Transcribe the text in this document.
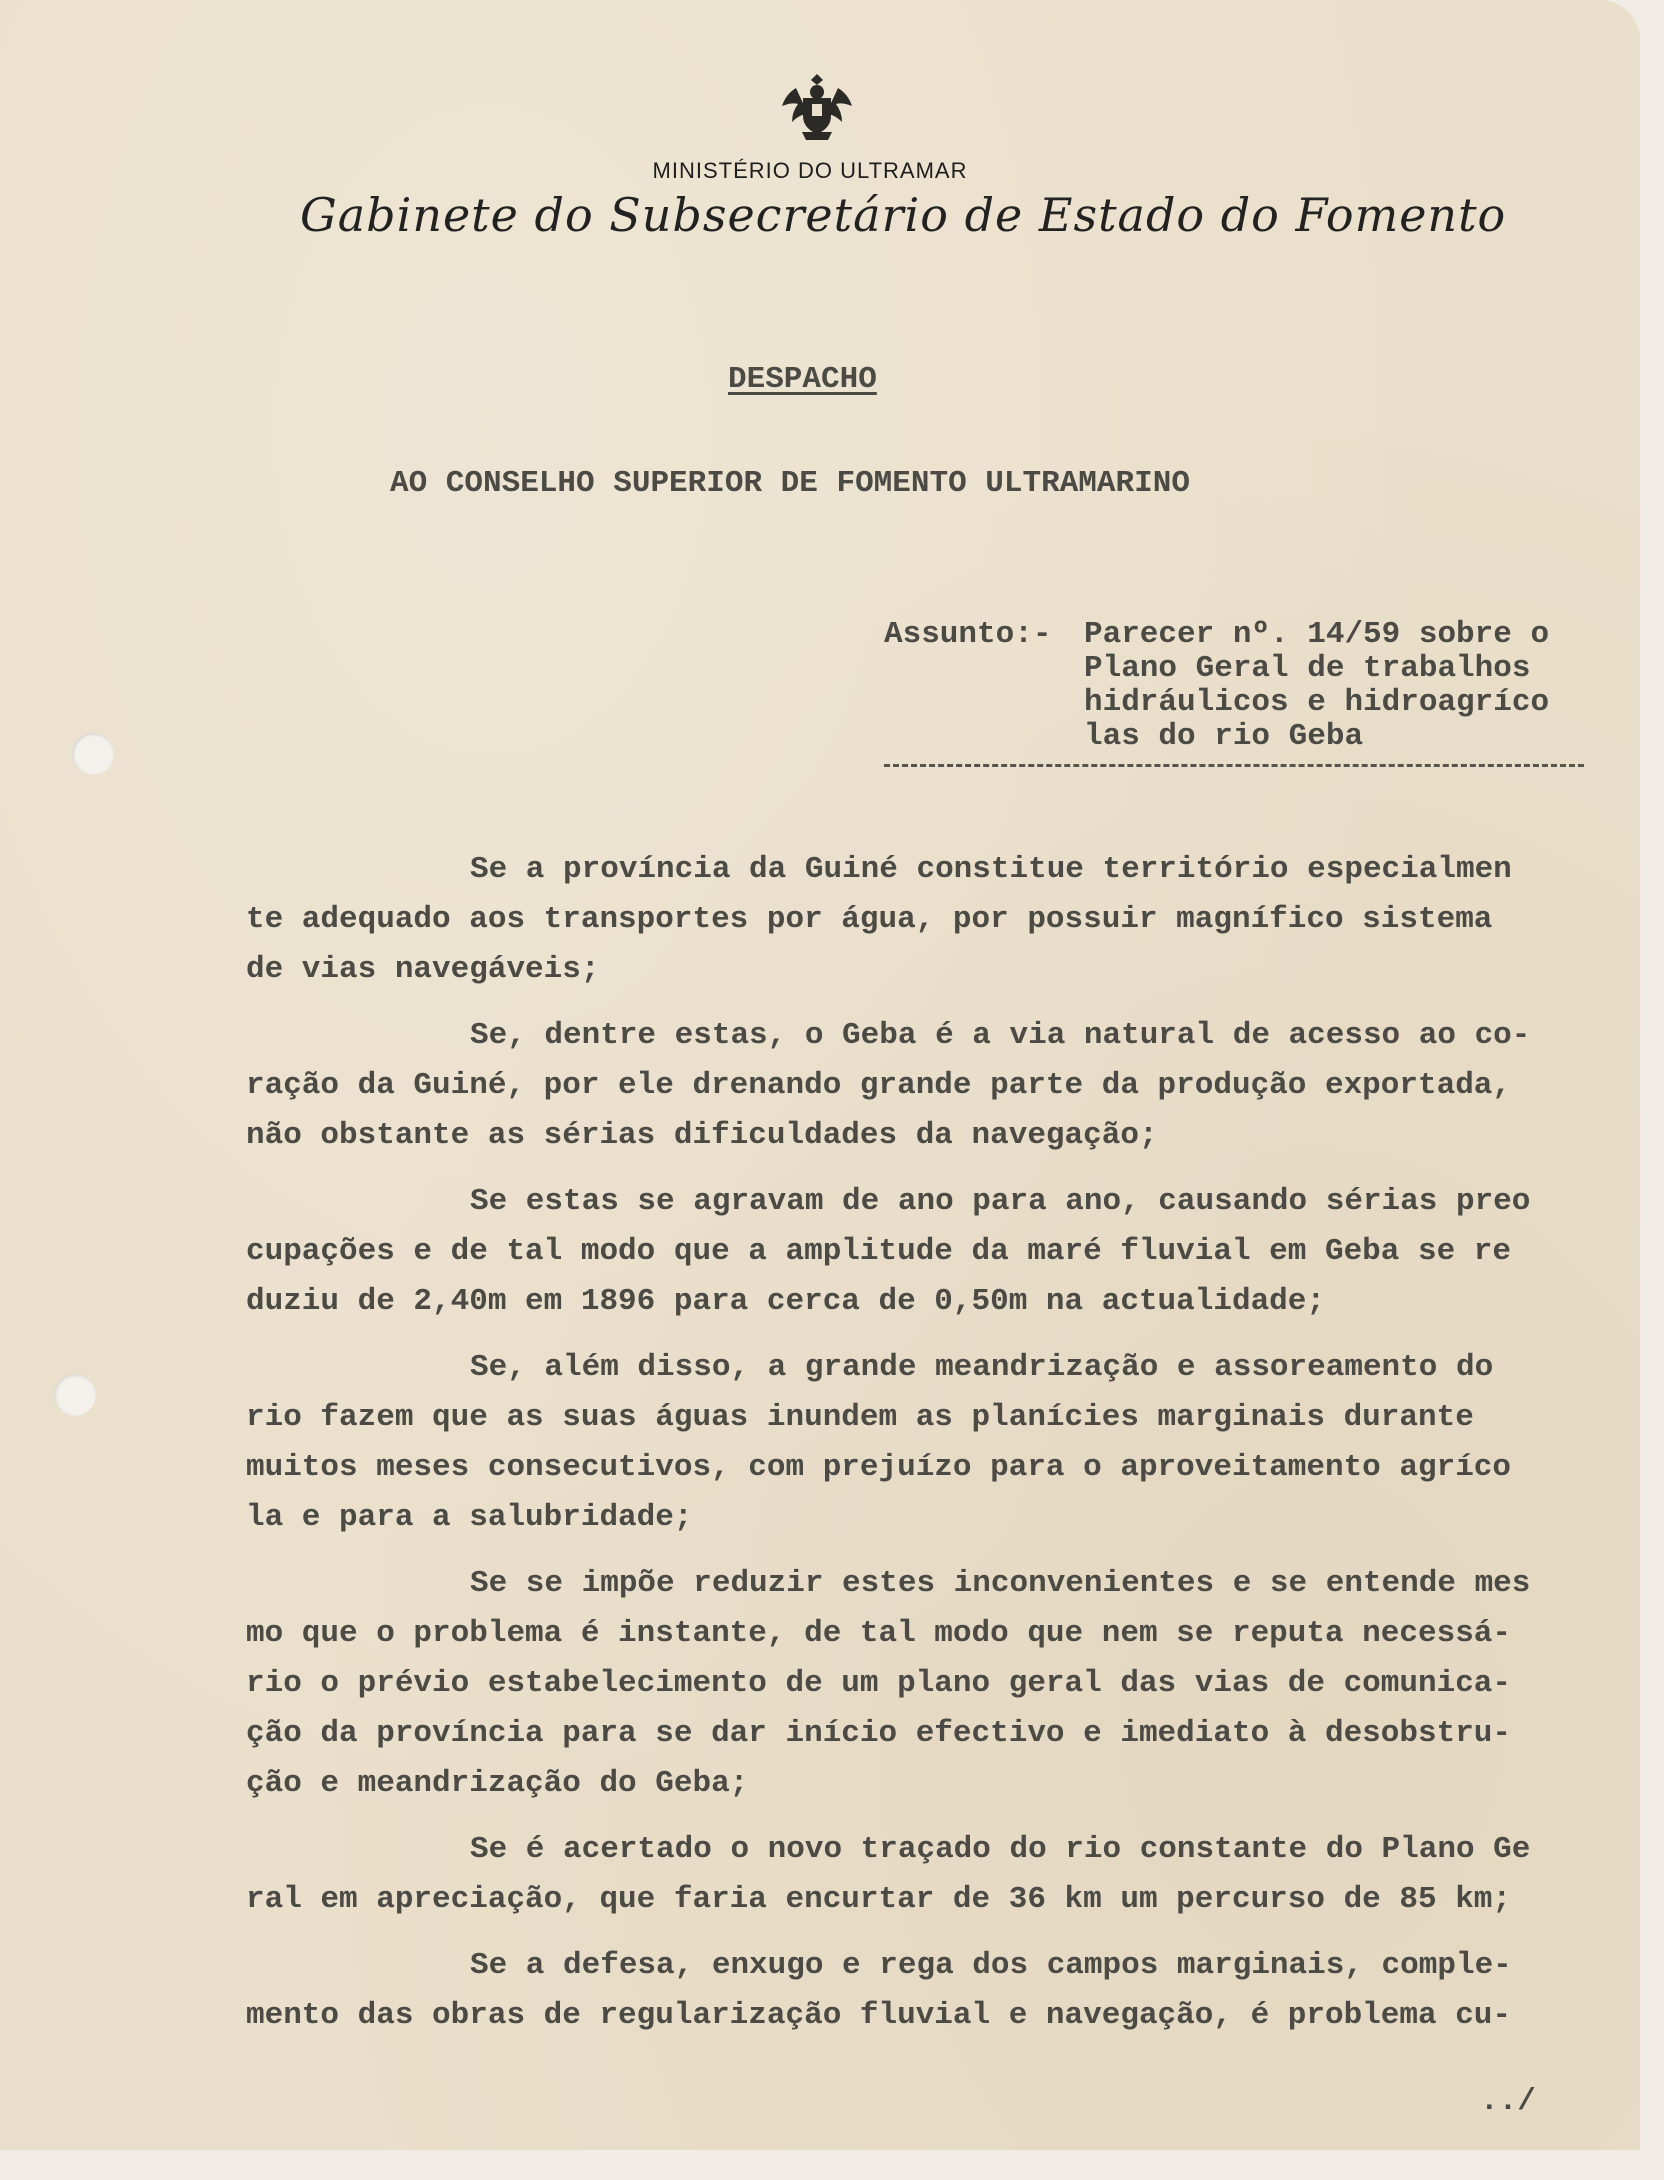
MINISTÉRIO DO ULTRAMAR
Gabinete do Subsecretário de Estado do Fomento
DESPACHO
AO CONSELHO SUPERIOR DE FOMENTO ULTRAMARINO
Assunto:- Parecer nº. 14/59 sobre o
Plano Geral de trabalhos
hidráulicos e hidroagríco
las do rio Geba
Se a província da Guiné constitue território especialmen
te adequado aos transportes por água, por possuir magnífico sistema
de vias navegáveis;
Se, dentre estas, o Geba é a via natural de acesso ao co-
ração da Guiné, por ele drenando grande parte da produção exportada,
não obstante as sérias dificuldades da navegação;
Se estas se agravam de ano para ano, causando sérias preo
cupações e de tal modo que a amplitude da maré fluvial em Geba se re
duziu de 2,40m em 1896 para cerca de 0,50m na actualidade;
Se, além disso, a grande meandrização e assoreamento do
rio fazem que as suas águas inundem as planícies marginais durante
muitos meses consecutivos, com prejuízo para o aproveitamento agríco
la e para a salubridade;
Se se impõe reduzir estes inconvenientes e se entende mes
mo que o problema é instante, de tal modo que nem se reputa necessá-
rio o prévio estabelecimento de um plano geral das vias de comunica-
ção da província para se dar início efectivo e imediato à desobstru-
ção e meandrização do Geba;
Se é acertado o novo traçado do rio constante do Plano Ge
ral em apreciação, que faria encurtar de 36 km um percurso de 85 km;
Se a defesa, enxugo e rega dos campos marginais, comple-
mento das obras de regularização fluvial e navegação, é problema cu-
../
